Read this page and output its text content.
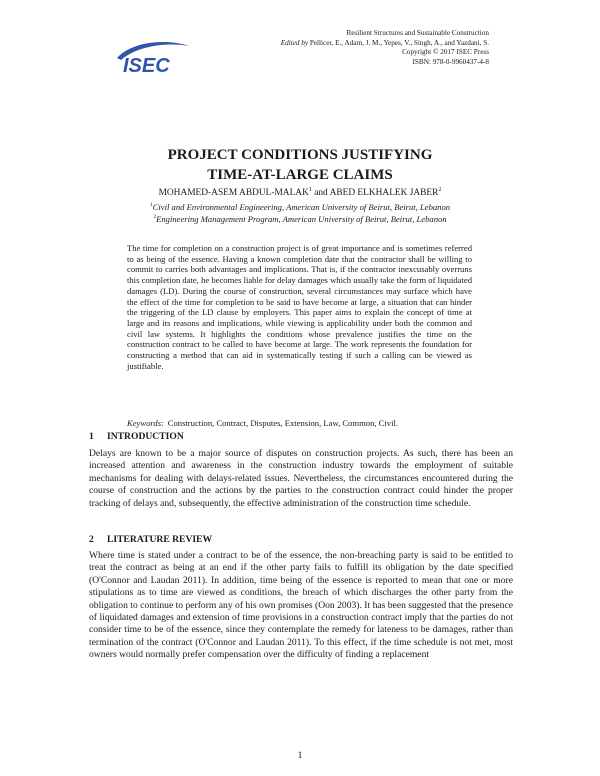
ISEC
Resilient Structures and Sustainable Construction
Edited by Pellicer, E., Adam, J. M., Yepes, V., Singh, A., and Yazdani, S.
Copyright © 2017 ISEC Press
ISBN: 978-0-9960437-4-8
PROJECT CONDITIONS JUSTIFYING
TIME-AT-LARGE CLAIMS
MOHAMED-ASEM ABDUL-MALAK$^1$ and ABED ELKHALEK JABER$^2$
$^1$Civil and Environmental Engineering, American University of Beirut, Beirut, Lebanon
$^2$Engineering Management Program, American University of Beirut, Beirut, Lebanon
The time for completion on a construction project is of great importance and is sometimes referred to as being of the essence. Having a known completion date that the contractor shall be willing to commit to carries both advantages and implications. That is, if the contractor inexcusably overruns this completion date, he becomes liable for delay damages which usually take the form of liquidated damages (LD). During the course of construction, several circumstances may surface which have the effect of the time for completion to be said to have become at large, a situation that can hinder the triggering of the LD clause by employers. This paper aims to explain the concept of time at large and its reasons and implications, while viewing is applicability under both the common and civil law systems. It highlights the conditions whose prevalence justifies the time on the construction contract to be called to have become at large. The work represents the foundation for constructing a method that can aid in systematically testing if such a calling can be viewed as justifiable.
Keywords:  Construction, Contract, Disputes, Extension, Law, Common, Civil.
1 INTRODUCTION
Delays are known to be a major source of disputes on construction projects. As such, there has been an increased attention and awareness in the construction industry towards the employment of suitable mechanisms for dealing with delays-related issues. Nevertheless, the circumstances encountered during the course of construction and the actions by the parties to the construction contract could hinder the proper tracking of delays and, subsequently, the effective administration of the construction time schedule.
2 LITERATURE REVIEW
Where time is stated under a contract to be of the essence, the non-breaching party is said to be entitled to treat the contract as being at an end if the other party fails to fulfill its obligation by the date specified (O'Connor and Laudan 2011). In addition, time being of the essence is reported to mean that one or more stipulations as to time are viewed as conditions, the breach of which discharges the other party from the obligation to continue to perform any of his own promises (Oon 2003). It has been suggested that the presence of liquidated damages and extension of time provisions in a construction contract imply that the parties do not consider time to be of the essence, since they contemplate the remedy for lateness to be damages, rather than termination of the contract (O'Connor and Laudan 2011). To this effect, if the time schedule is not met, most owners would normally prefer compensation over the difficulty of finding a replacement
1
